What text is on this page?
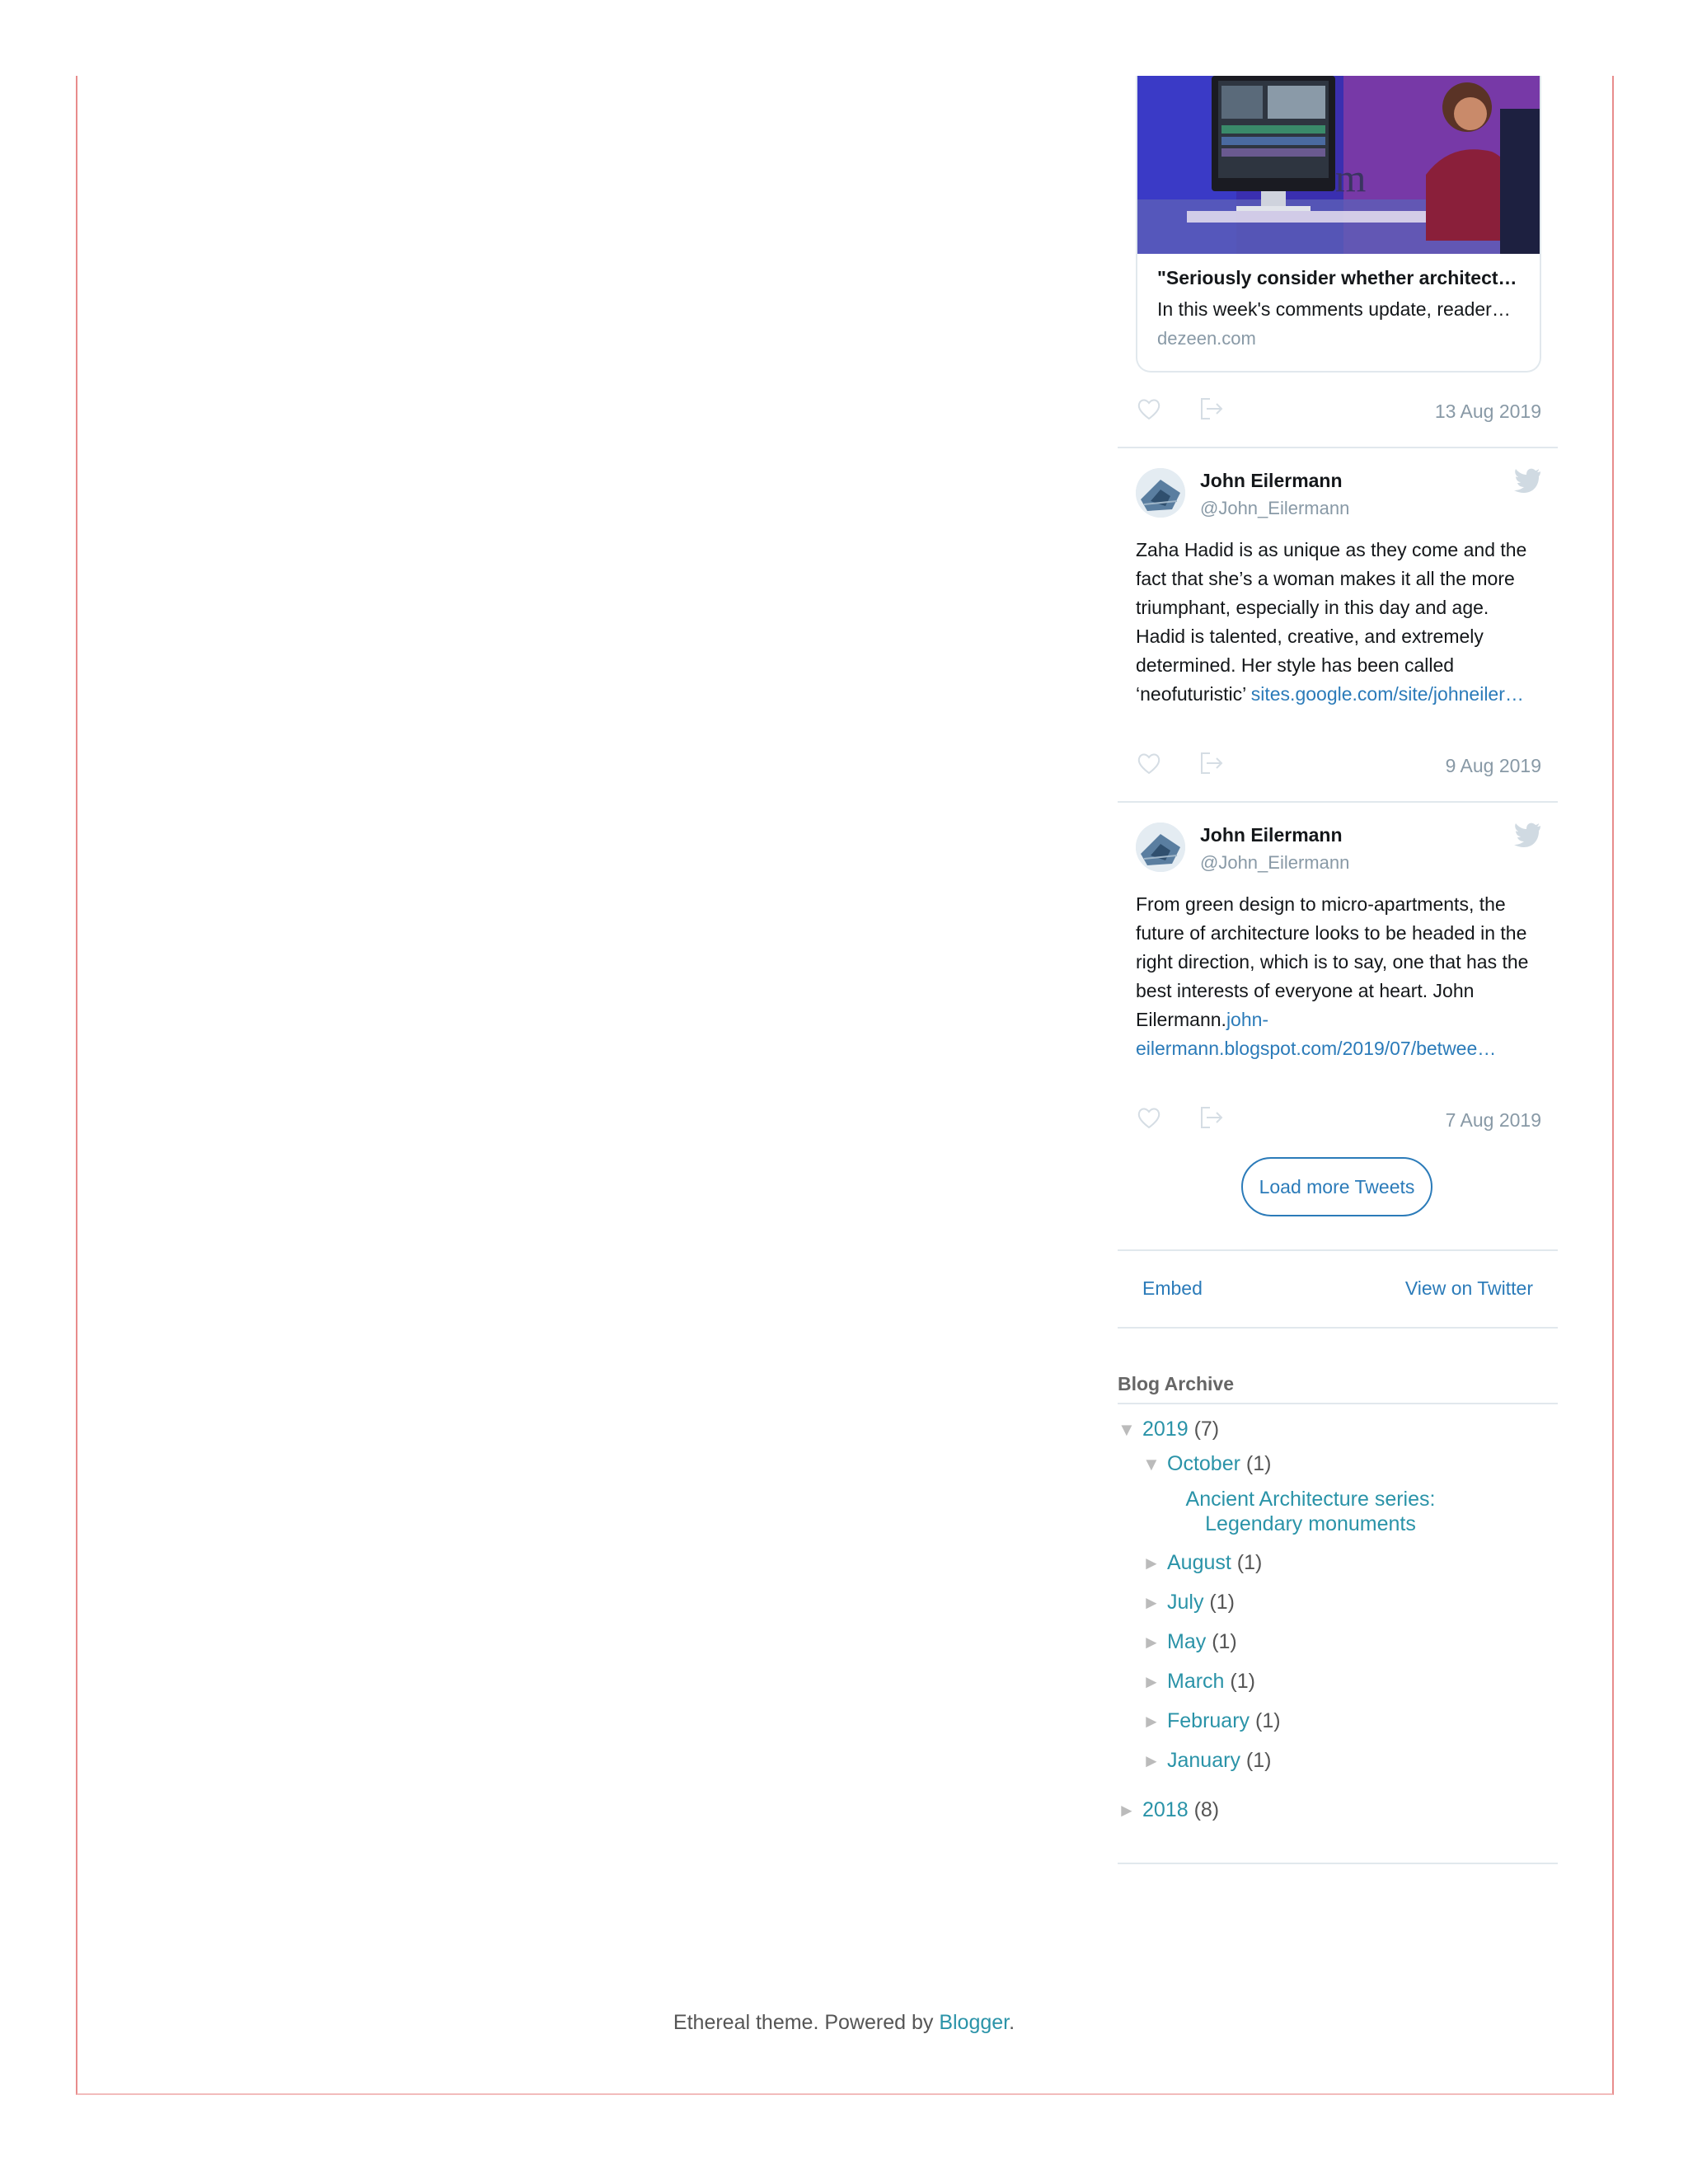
m
"Seriously consider whether architect…
In this week's comments update, reader…
dezeen.com
13 Aug 2019
John Eilermann
@John_Eilermann

Zaha Hadid is as unique as they come and the fact that she’s a woman makes it all the more triumphant, especially in this day and age. Hadid is talented, creative, and extremely determined. Her style has been called ‘neofuturistic’ sites.google.com/site/johneiler…

9 Aug 2019
John Eilermann
@John_Eilermann

From green design to micro-apartments, the future of architecture looks to be headed in the right direction, which is to say, one that has the best interests of everyone at heart. John Eilermann.john-eilermann.blogspot.com/2019/07/betwee…

7 Aug 2019
Load more Tweets
Embed	View on Twitter
Blog Archive
▼ 2019 (7)
▼ October (1)
Ancient Architecture series: Legendary monuments
► August (1)
► July (1)
► May (1)
► March (1)
► February (1)
► January (1)
► 2018 (8)
Ethereal theme. Powered by Blogger.
